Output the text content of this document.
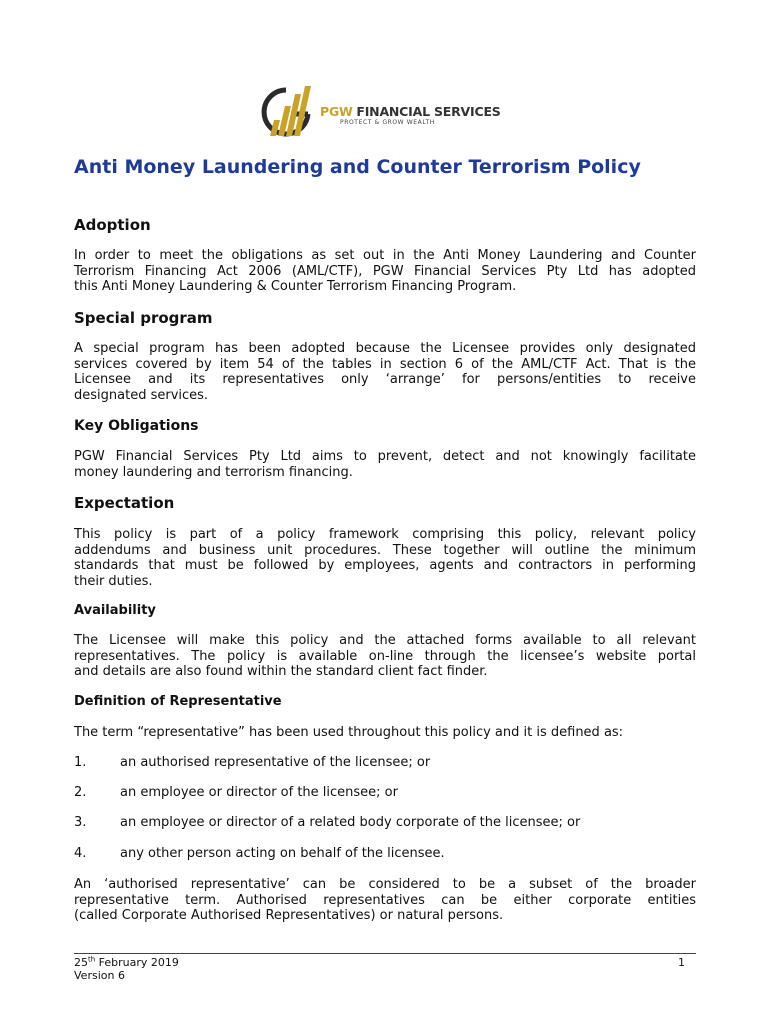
PGW FINANCIAL SERVICES
PROTECT & GROW WEALTH
Anti Money Laundering and Counter Terrorism Policy
Adoption
In order to meet the obligations as set out in the Anti Money Laundering and Counter
Terrorism Financing Act 2006 (AML/CTF), PGW Financial Services Pty Ltd has adopted
this Anti Money Laundering & Counter Terrorism Financing Program.
Special program
A special program has been adopted because the Licensee provides only designated
services covered by item 54 of the tables in section 6 of the AML/CTF Act. That is the
Licensee and its representatives only ‘arrange’ for persons/entities to receive
designated services.
Key Obligations
PGW Financial Services Pty Ltd aims to prevent, detect and not knowingly facilitate
money laundering and terrorism financing.
Expectation
This policy is part of a policy framework comprising this policy, relevant policy
addendums and business unit procedures. These together will outline the minimum
standards that must be followed by employees, agents and contractors in performing
their duties.
Availability
The Licensee will make this policy and the attached forms available to all relevant
representatives. The policy is available on-line through the licensee’s website portal
and details are also found within the standard client fact finder.
Definition of Representative
The term “representative” has been used throughout this policy and it is defined as:
1.	an authorised representative of the licensee; or
2.	an employee or director of the licensee; or
3.	an employee or director of a related body corporate of the licensee; or
4.	any other person acting on behalf of the licensee.
An ‘authorised representative’ can be considered to be a subset of the broader
representative term. Authorised representatives can be either corporate entities
(called Corporate Authorised Representatives) or natural persons.
25th February 2019
Version 6
1
